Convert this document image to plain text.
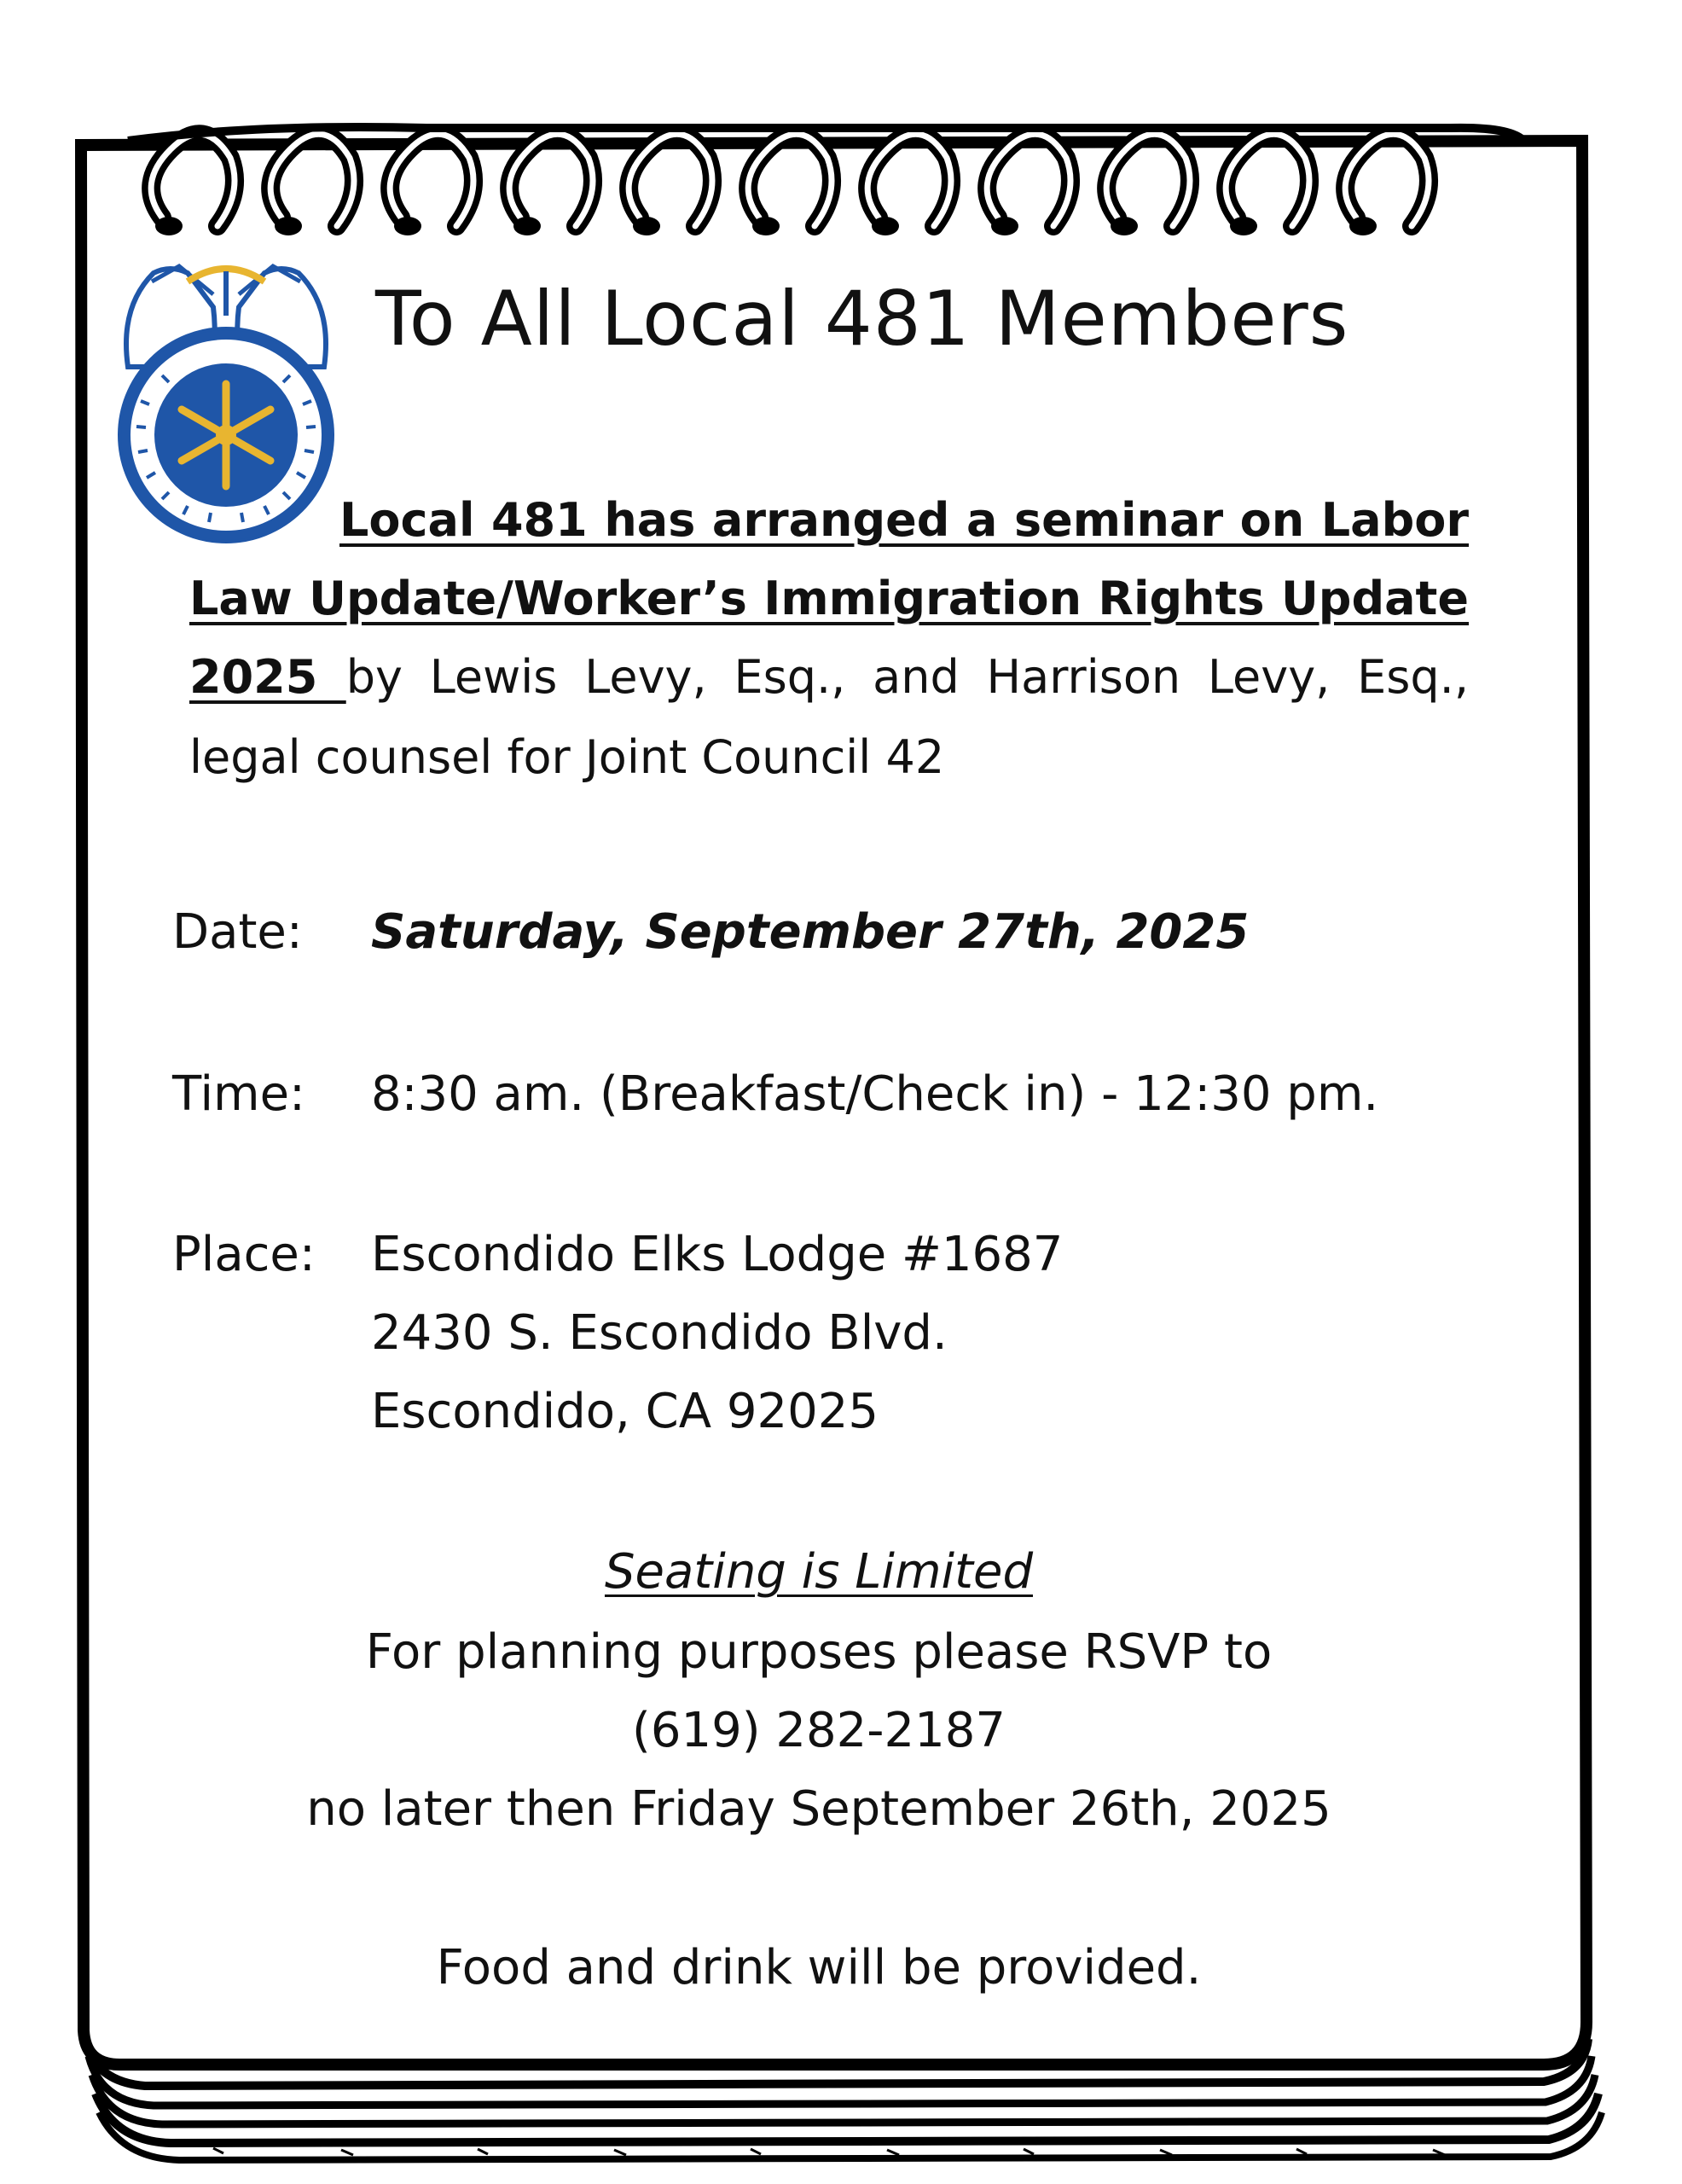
To All Local 481 Members
Local 481 has arranged a seminar on Labor
Law Update/Worker’s Immigration Rights Update
2025 by Lewis Levy, Esq., and Harrison Levy, Esq.,
legal counsel for Joint Council 42
Date: Saturday, September 27th, 2025
Time: 8:30 am. (Breakfast/Check in) - 12:30 pm.
Place: Escondido Elks Lodge #1687
2430 S. Escondido Blvd.
Escondido, CA 92025
Seating is Limited
For planning purposes please RSVP to
(619) 282-2187
no later then Friday September 26th, 2025
Food and drink will be provided.
